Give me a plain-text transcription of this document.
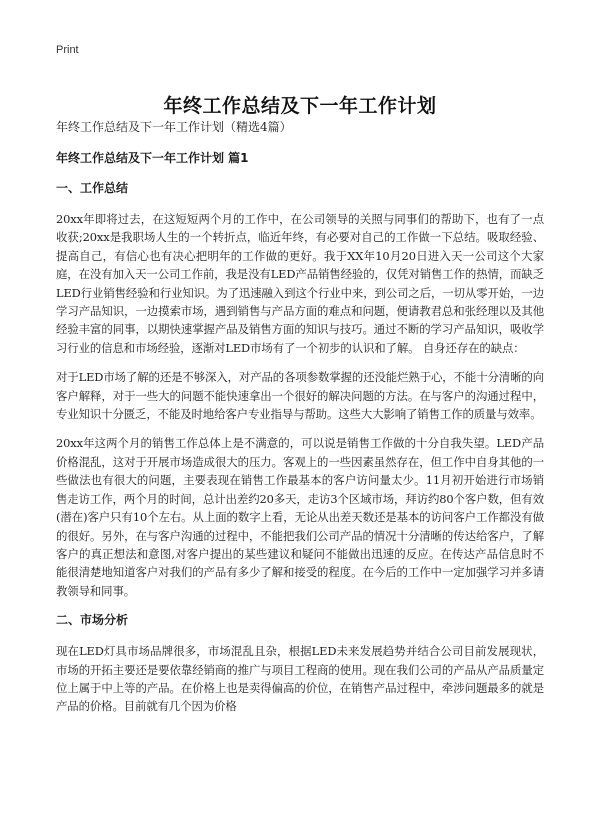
Print
年终工作总结及下一年工作计划

年终工作总结及下一年工作计划（精选4篇）

年终工作总结及下一年工作计划 篇1

一、工作总结

20xx年即将过去，在这短短两个月的工作中，在公司领导的关照与同事们的帮助下，也有了一点收获;20xx是我职场人生的一个转折点，临近年终，有必要对自己的工作做一下总结。吸取经验、提高自己，有信心也有决心把明年的工作做的更好。我于XX年10月20日进入天一公司这个大家庭，在没有加入天一公司工作前，我是没有LED产品销售经验的，仅凭对销售工作的热情，而缺乏LED行业销售经验和行业知识。为了迅速融入到这个行业中来，到公司之后，一切从零开始，一边学习产品知识，一边摸索市场，遇到销售与产品方面的难点和问题，便请教君总和张经理以及其他经验丰富的同事，以期快速掌握产品及销售方面的知识与技巧。通过不断的学习产品知识，吸收学习行业的信息和市场经验，逐渐对LED市场有了一个初步的认识和了解。 自身还存在的缺点：

对于LED市场了解的还是不够深入，对产品的各项参数掌握的还没能烂熟于心，不能十分清晰的向客户解释，对于一些大的问题不能快速拿出一个很好的解决问题的方法。在与客户的沟通过程中，专业知识十分匮乏，不能及时地给客户专业指导与帮助。这些大大影响了销售工作的质量与效率。

20xx年这两个月的销售工作总体上是不满意的，可以说是销售工作做的十分自我失望。LED产品价格混乱，这对于开展市场造成很大的压力。客观上的一些因素虽然存在，但工作中自身其他的一些做法也有很大的问题，主要表现在销售工作最基本的客户访问量太少。11月初开始进行市场销售走访工作，两个月的时间，总计出差约20多天，走访3个区域市场，拜访约80个客户数，但有效(潜在)客户只有10个左右。从上面的数字上看，无论从出差天数还是基本的访问客户工作都没有做的很好。另外，在与客户沟通的过程中，不能把我们公司产品的情况十分清晰的传达给客户，了解客户的真正想法和意图,对客户提出的某些建议和疑问不能做出迅速的反应。在传达产品信息时不能很清楚地知道客户对我们的产品有多少了解和接受的程度。在今后的工作中一定加强学习并多请教领导和同事。

二、市场分析

现在LED灯具市场品牌很多，市场混乱且杂，根据LED未来发展趋势并结合公司目前发展现状，市场的开拓主要还是要依靠经销商的推广与项目工程商的使用。现在我们公司的产品从产品质量定位上属于中上等的产品。在价格上也是卖得偏高的价位，在销售产品过程中，牵涉问题最多的就是产品的价格。目前就有几个因为价格
